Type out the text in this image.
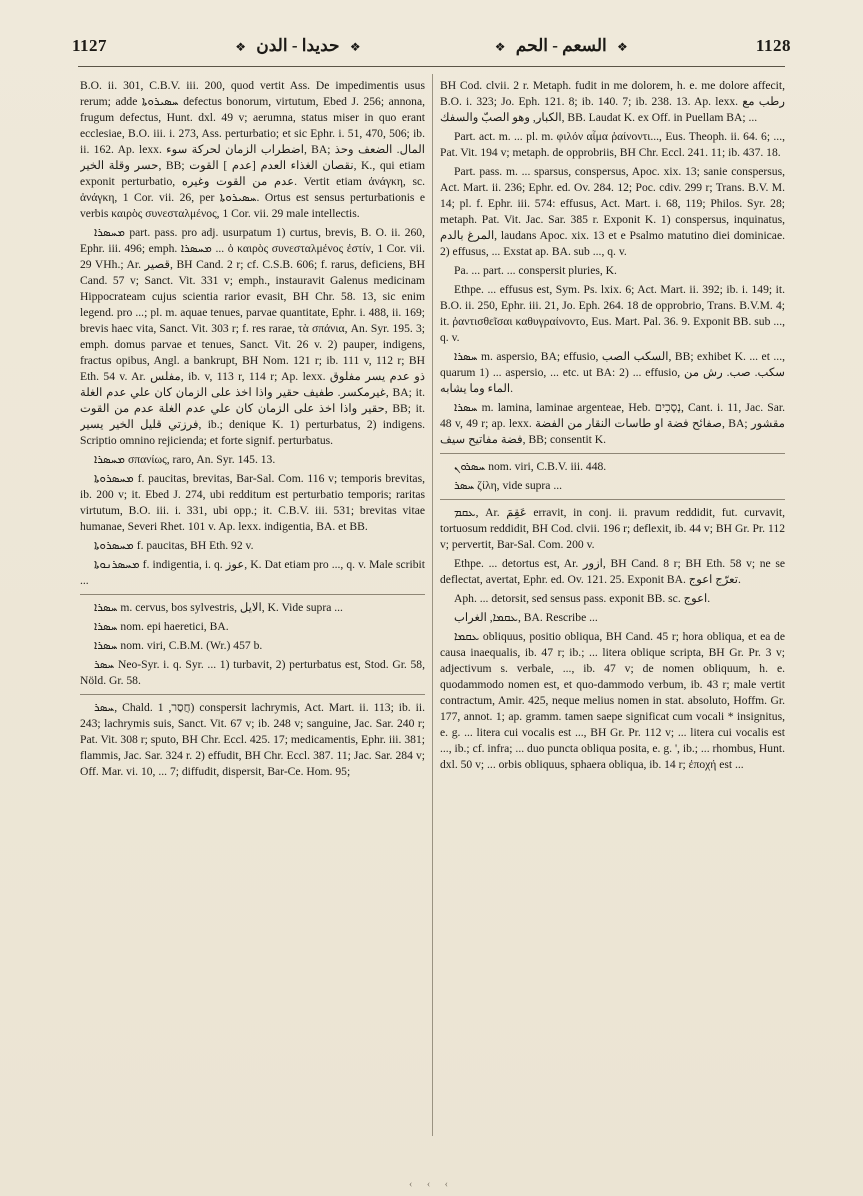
1127	❖ حديدا - الدن ❖	❖ السعم - الحم ❖	1128

B.O. ii. 301, C.B.V. iii. 200, quod vertit Ass. De impedimentis usus rerum; adde ܚܣܝܪܘܬܐ defectus bonorum, virtutum, Ebed J. 256; annona, frugum defectus, Hunt. dxl. 49 v; aerumna, status miser in quo erant ecclesiae, B.O. iii. i. 273, Ass. perturbatio; et sic Ephr. i. 51, 470, 506; ib. ii. 162. Ap. lexx. اضطراب الزمان لحركة سوء, BA; المال. الضعف وحذ حسر وقلة الخير, BB; نقصان الغذاء العدم [عدم ] القوت, K., qui etiam exponit perturbatio, عدم من القوت وغيره. Vertit etiam ἀνάγκη, sc. ἀνάγκη, 1 Cor. vii. 26, per ܚܣܝܪܘܬܐ. Ortus est sensus perturbationis e verbis καιρὸς συνεσταλμένος, 1 Cor. vii. 29 male intellectis.

ܡܚܣܪܐ part. pass. pro adj. usurpatum 1) curtus, brevis, B. O. ii. 260, Ephr. iii. 496; emph. ܡܚܣܪܐ ... ὁ καιρὸς συνεσταλμένος ἐστίν, 1 Cor. vii. 29 VHh.; Ar. قصير, BH Cand. 2 r; cf. C.S.B. 606; f. rarus, deficiens, BH Cand. 57 v; Sanct. Vit. 331 v; emph., instauravit Galenus medicinam Hippocrateam cujus scientia rarior evasit, BH Chr. 58. 13, sic enim legend. pro ...; pl. m. aquae tenues, parvae quantitate, Ephr. i. 488, ii. 169; brevis haec vita, Sanct. Vit. 303 r; f. res rarae, τὰ σπάνια, An. Syr. 195. 3; emph. domus parvae et tenues, Sanct. Vit. 26 v. 2) pauper, indigens, fractus opibus, Angl. a bankrupt, BH Nom. 121 r; ib. 111 v, 112 r; BH Eth. 54 v. Ar. مفلس, ib. v, 113 r, 114 r; Ap. lexx. ذو عدم يسر مفلوق غيرمكسر. طفيف حقير واذا اخذ على الزمان كان علي عدم الغلة, BA; it. حقير واذا اخذ على الزمان كان علي عدم الغلة عدم من القوت, BB; it. فرزتي قليل الخير يسير, ib.; denique K. 1) perturbatus, 2) indigens. Scriptio omnino rejicienda; et forte signif. perturbatus.

ܡܚܣܪܐ σπανίως, raro, An. Syr. 145. 13.

ܡܚܣܪܘܬܐ f. paucitas, brevitas, Bar-Sal. Com. 116 v; temporis brevitas, ib. 200 v; it. Ebed J. 274, ubi redditum est perturbatio temporis; raritas virtutum, B.O. iii. i. 331, ubi opp.; it. C.B.V. iii. 531; brevitas vitae humanae, Severi Rhet. 101 v. Ap. lexx. indigentia, BA. et BB.

ܡܚܣܪܘܬܐ f. paucitas, BH Eth. 92 v.

ܡܚܣܪܢܘܬܐ f. indigentia, i. q. عوز, K. Dat etiam pro ..., q. v. Male scribit ...

ܚܣܪܐ m. cervus, bos sylvestris, الايل, K. Vide supra ...

ܚܣܪܐ nom. epi haeretici, BA.

ܚܣܪܐ nom. viri, C.B.M. (Wr.) 457 b.

ܚܣܪ Neo-Syr. i. q. Syr. ... 1) turbavit, 2) perturbatus est, Stod. Gr. 58, Nöld. Gr. 58.

ܚܣܪ, Chald. חֲסַר, 1) conspersit lachrymis, Act. Mart. ii. 113; ib. ii. 243; lachrymis suis, Sanct. Vit. 67 v; ib. 248 v; sanguine, Jac. Sar. 240 r; Pat. Vit. 308 r; sputo, BH Chr. Eccl. 425. 17; medicamentis, Ephr. iii. 381; flammis, Jac. Sar. 324 r. 2) effudit, BH Chr. Eccl. 387. 11; Jac. Sar. 284 v; Off. Mar. vi. 10, ... 7; diffudit, dispersit, Bar-Ce. Hom. 95;

BH Cod. clvii. 2 r. Metaph. fudit in me dolorem, h. e. me dolore affecit, B.O. i. 323; Jo. Eph. 121. 8; ib. 140. 7; ib. 238. 13. Ap. lexx. رطب مع الكبار, وهو الصبّ والسفك, BB. Laudat K. ex Off. in Puellam BA; ...

Part. act. m. ... pl. m. φιλόν αἷμα ῥαίνοντι..., Eus. Theoph. ii. 64. 6; ..., Pat. Vit. 194 v; metaph. de opprobriis, BH Chr. Eccl. 241. 11; ib. 437. 18.

Part. pass. m. ... sparsus, conspersus, Apoc. xix. 13; sanie conspersus, Act. Mart. ii. 236; Ephr. ed. Ov. 284. 12; Poc. cdiv. 299 r; Trans. B.V. M. 14; pl. f. Ephr. iii. 574: effusus, Act. Mart. i. 68, 119; Philos. Syr. 28; metaph. Pat. Vit. Jac. Sar. 385 r. Exponit K. 1) conspersus, inquinatus, المرغ بالدم, laudans Apoc. xix. 13 et e Psalmo matutino diei dominicae. 2) effusus, ... Exstat ap. BA. sub ..., q. v.

Pa. ... part. ... conspersit pluries, K.

Ethpe. ... effusus est, Sym. Ps. lxix. 6; Act. Mart. ii. 392; ib. i. 149; it. B.O. ii. 250, Ephr. iii. 21, Jo. Eph. 264. 18 de opprobrio, Trans. B.V.M. 4; it. ῥαντισθεῖσαι καθυγραίνοντο, Eus. Mart. Pal. 36. 9. Exponit BB. sub ..., q. v.

ܚܣܪܐ m. aspersio, BA; effusio, السكب الصب, BB; exhibet K. ... et ..., quarum 1) ... aspersio, ... etc. ut BA: 2) ... effusio, سكب. صب. رش من الماء وما يشابه.

ܚܣܪܐ m. lamina, laminae argenteae, Heb. נְסָכִים, Cant. i. 11, Jac. Sar. 48 v, 49 r; ap. lexx. صفائح فضة او طاسات النقار من الفضة, BA; مقشور فضة مفاتيح سيف, BB; consentit K.

ܚܣܪܘܢ nom. viri, C.B.V. iii. 448.

ܚܣܪ ζίλη, vide supra ...

ܥܩܡ, Ar. عَقِمَ erravit, in conj. ii. pravum reddidit, fut. curvavit, tortuosum reddidit, BH Cod. clvii. 196 r; deflexit, ib. 44 v; BH Gr. Pr. 112 v; pervertit, Bar-Sal. Com. 200 v.

Ethpe. ... detortus est, Ar. ازور, BH Cand. 8 r; BH Eth. 58 v; ne se deflectat, avertat, Ephr. ed. Ov. 121. 25. Exponit BA. تعرّج اعوج.

Aph. ... detorsit, sed sensus pass. exponit BB. sc. اعوج.

ܥܩܡܐ, الغراب, BA. Rescribe ...

ܥܩܡܐ obliquus, positio obliqua, BH Cand. 45 r; hora obliqua, et ea de causa inaequalis, ib. 47 r; ib.; ... litera oblique scripta, BH Gr. Pr. 3 v; adjectivum s. verbale, ..., ib. 47 v; de nomen obliquum, h. e. quodammodo nomen est, et quo-dammodo verbum, ib. 43 r; male vertit contractum, Amir. 425, neque melius nomen in stat. absoluto, Hoffm. Gr. 177, annot. 1; ap. gramm. tamen saepe significat cum vocali * insignitus, e. g. ... litera cui vocalis est ..., BH Gr. Pr. 112 v; ... litera cui vocalis est ..., ib.; cf. infra; ... duo puncta obliqua posita, e. g. ', ib.; ... rhombus, Hunt. dxl. 50 v; ... orbis obliquus, sphaera obliqua, ib. 14 r; ἐποχή est ...

‹ ‹ ‹
